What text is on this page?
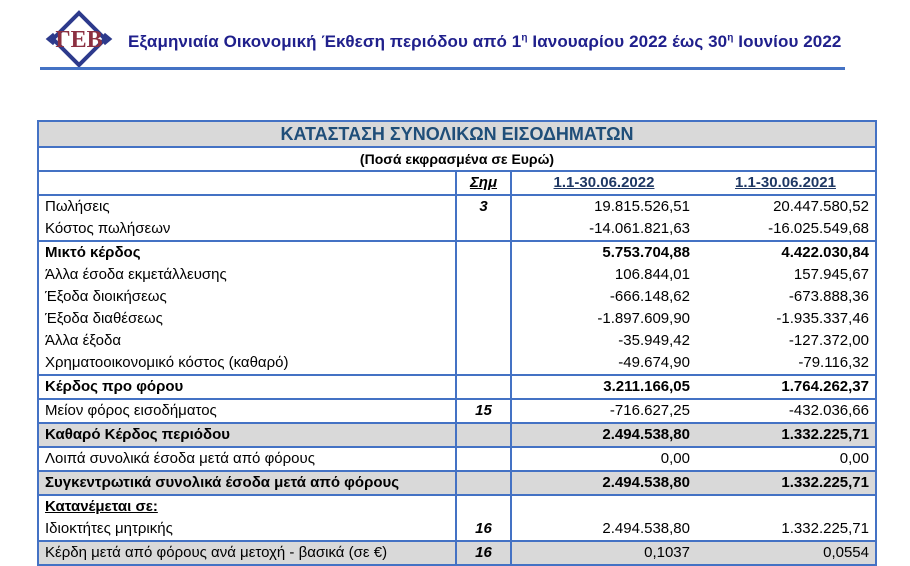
ΓΕΒ Εξαμηνιαία Οικονομική Έκθεση περιόδου από $1^\eta$ Ιανουαρίου 2022 έως $30^\eta$ Ιουνίου 2022
ΚΑΤΑΣΤΑΣΗ ΣΥΝΟΛΙΚΩΝ ΕΙΣΟΔΗΜΑΤΩΝ			
(Ποσά εκφρασμένα σε Ευρώ)			
	Σημ	1.1-30.06.2022	1.1-30.06.2021
Πωλήσεις	3	19.815.526,51	20.447.580,52
Κόστος πωλήσεων		-14.061.821,63	-16.025.549,68
Μικτό κέρδος		5.753.704,88	4.422.030,84
Άλλα έσοδα εκμετάλλευσης		106.844,01	157.945,67
Έξοδα διοικήσεως		-666.148,62	-673.888,36
Έξοδα διαθέσεως		-1.897.609,90	-1.935.337,46
Άλλα έξοδα		-35.949,42	-127.372,00
Χρηματοοικονομικό κόστος (καθαρό)		-49.674,90	-79.116,32
Κέρδος προ φόρου		3.211.166,05	1.764.262,37
Μείον φόρος εισοδήματος	15	-716.627,25	-432.036,66
Καθαρό Κέρδος περιόδου		2.494.538,80	1.332.225,71
Λοιπά συνολικά έσοδα μετά από φόρους		0,00	0,00
Συγκεντρωτικά συνολικά έσοδα μετά από φόρους		2.494.538,80	1.332.225,71
Κατανέμεται σε:			
Ιδιοκτήτες μητρικής	16	2.494.538,80	1.332.225,71
Κέρδη μετά από φόρους ανά μετοχή - βασικά (σε €)	16	0,1037	0,0554
